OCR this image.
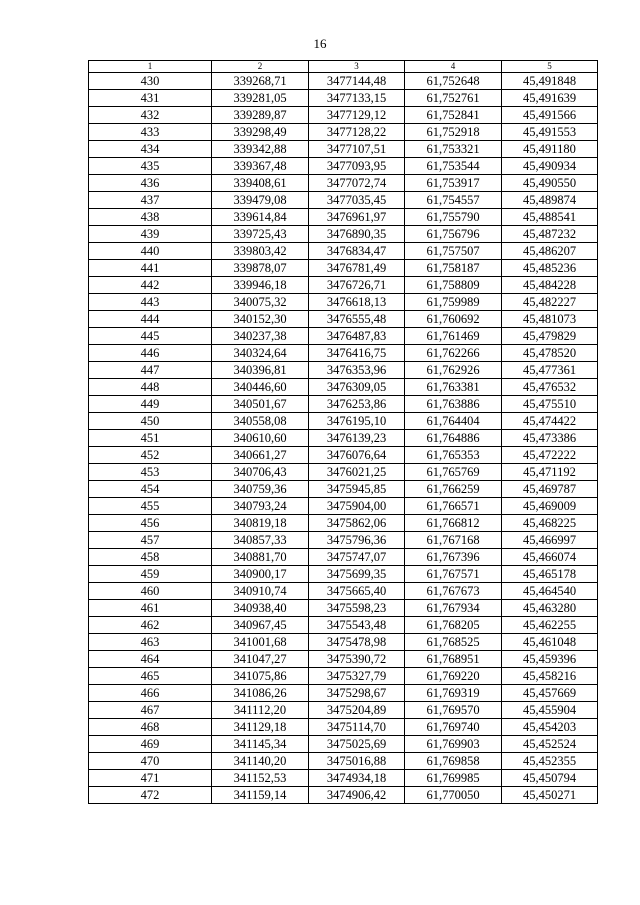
16
1	2	3	4	5
430	339268,71	3477144,48	61,752648	45,491848
431	339281,05	3477133,15	61,752761	45,491639
432	339289,87	3477129,12	61,752841	45,491566
433	339298,49	3477128,22	61,752918	45,491553
434	339342,88	3477107,51	61,753321	45,491180
435	339367,48	3477093,95	61,753544	45,490934
436	339408,61	3477072,74	61,753917	45,490550
437	339479,08	3477035,45	61,754557	45,489874
438	339614,84	3476961,97	61,755790	45,488541
439	339725,43	3476890,35	61,756796	45,487232
440	339803,42	3476834,47	61,757507	45,486207
441	339878,07	3476781,49	61,758187	45,485236
442	339946,18	3476726,71	61,758809	45,484228
443	340075,32	3476618,13	61,759989	45,482227
444	340152,30	3476555,48	61,760692	45,481073
445	340237,38	3476487,83	61,761469	45,479829
446	340324,64	3476416,75	61,762266	45,478520
447	340396,81	3476353,96	61,762926	45,477361
448	340446,60	3476309,05	61,763381	45,476532
449	340501,67	3476253,86	61,763886	45,475510
450	340558,08	3476195,10	61,764404	45,474422
451	340610,60	3476139,23	61,764886	45,473386
452	340661,27	3476076,64	61,765353	45,472222
453	340706,43	3476021,25	61,765769	45,471192
454	340759,36	3475945,85	61,766259	45,469787
455	340793,24	3475904,00	61,766571	45,469009
456	340819,18	3475862,06	61,766812	45,468225
457	340857,33	3475796,36	61,767168	45,466997
458	340881,70	3475747,07	61,767396	45,466074
459	340900,17	3475699,35	61,767571	45,465178
460	340910,74	3475665,40	61,767673	45,464540
461	340938,40	3475598,23	61,767934	45,463280
462	340967,45	3475543,48	61,768205	45,462255
463	341001,68	3475478,98	61,768525	45,461048
464	341047,27	3475390,72	61,768951	45,459396
465	341075,86	3475327,79	61,769220	45,458216
466	341086,26	3475298,67	61,769319	45,457669
467	341112,20	3475204,89	61,769570	45,455904
468	341129,18	3475114,70	61,769740	45,454203
469	341145,34	3475025,69	61,769903	45,452524
470	341140,20	3475016,88	61,769858	45,452355
471	341152,53	3474934,18	61,769985	45,450794
472	341159,14	3474906,42	61,770050	45,450271
